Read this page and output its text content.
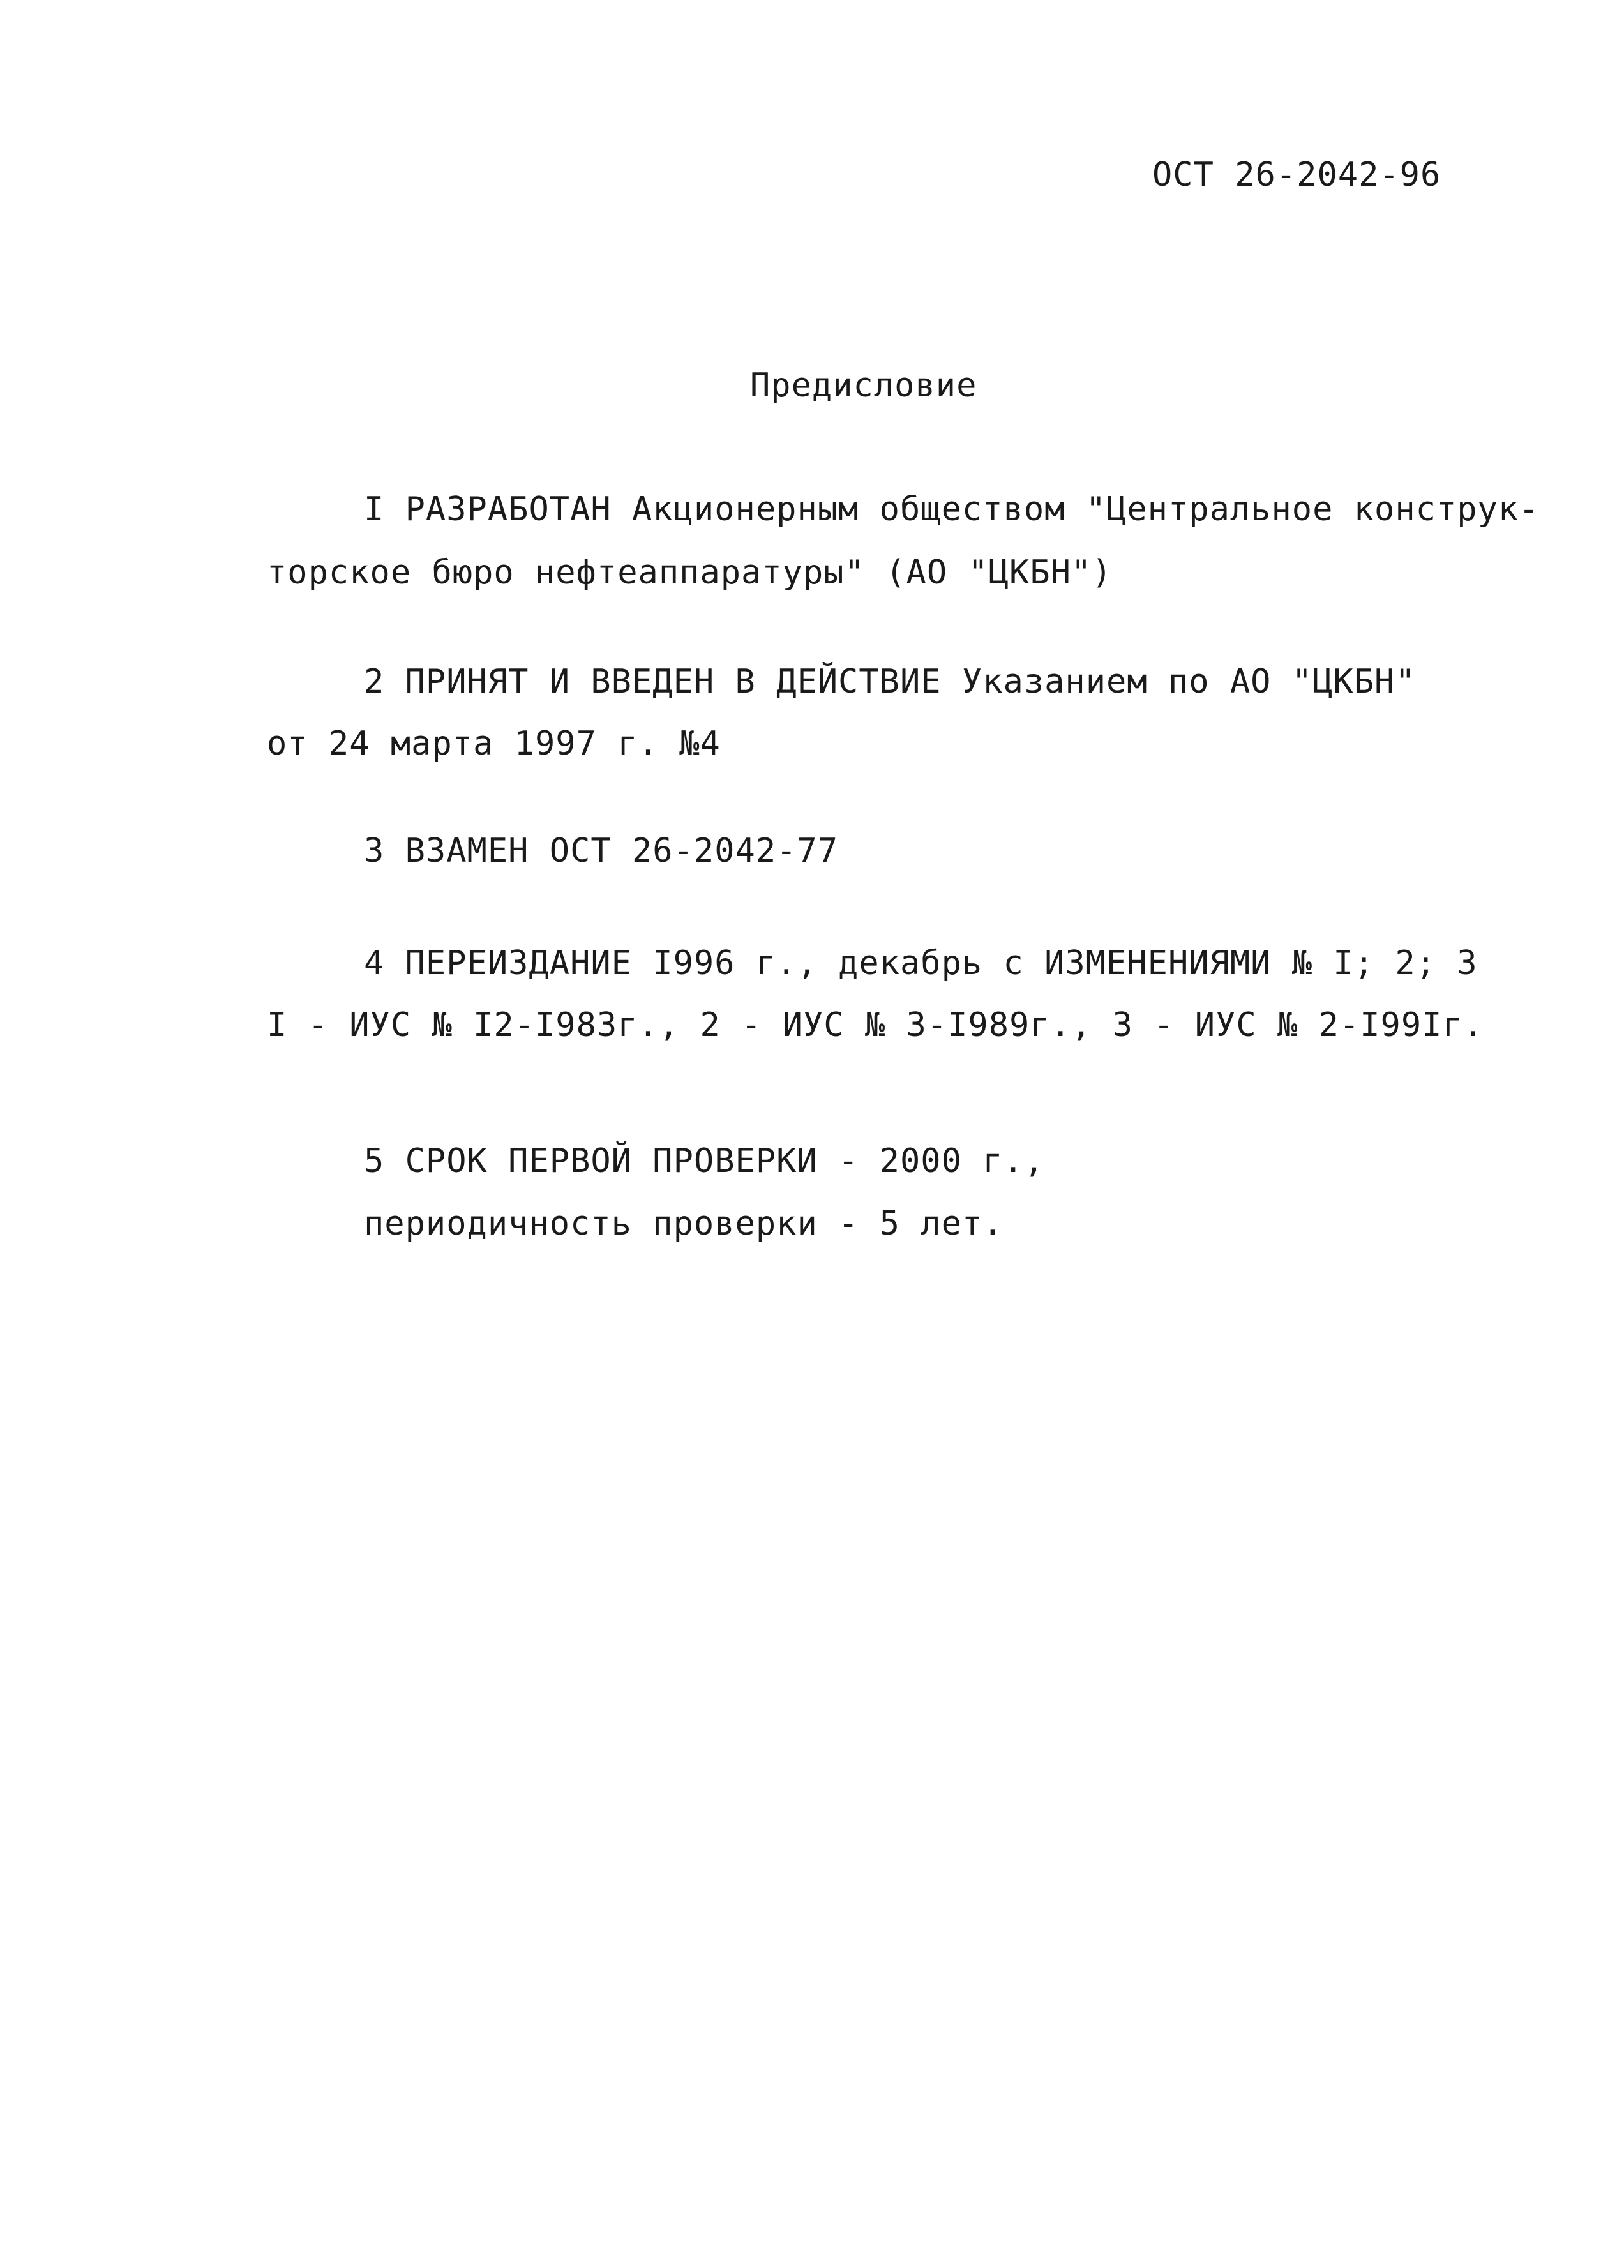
ОСТ 26-2042-96
Предисловие
I РАЗРАБОТАН Акционерным обществом "Центральное конструк-
торское бюро нефтеаппаратуры" (АО "ЦКБН")
2 ПРИНЯТ И ВВЕДЕН В ДЕЙСТВИЕ Указанием по АО "ЦКБН"
от 24 марта 1997 г. №4
3 ВЗАМЕН ОСТ 26-2042-77
4 ПЕРЕИЗДАНИЕ I996 г., декабрь с ИЗМЕНЕНИЯМИ № I; 2; 3
I - ИУС № I2-I983г., 2 - ИУС № 3-I989г., 3 - ИУС № 2-I99Iг.
5 СРОК ПЕРВОЙ ПРОВЕРКИ - 2000 г.,
периодичность проверки - 5 лет.
